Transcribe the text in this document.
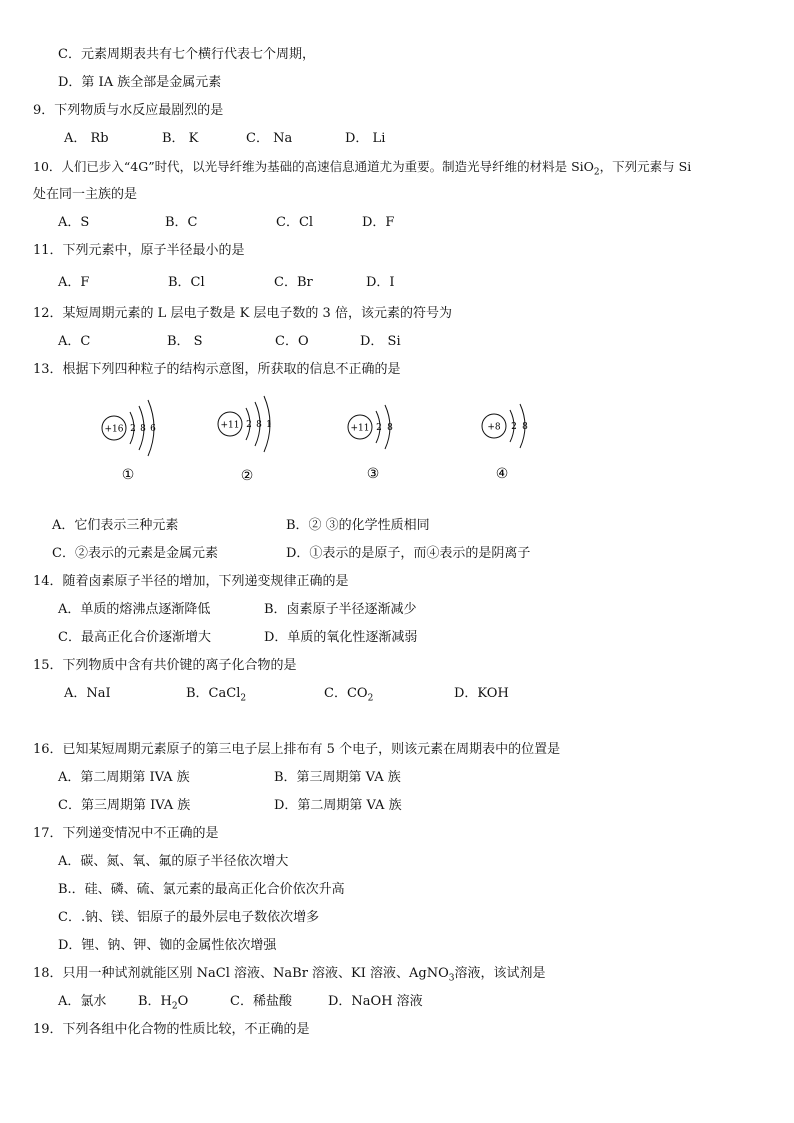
C．元素周期表共有七个横行代表七个周期，
D．第 IA 族全部是金属元素
9．下列物质与水反应最剧烈的是
A． Rb	B． K	C． Na	D． Li
10．人们已步入“4G”时代，以光导纤维为基础的高速信息通道尤为重要。制造光导纤维的材料是 SiO$_2$，下列元素与 Si
处在同一主族的是
A．S	B．C	C．Cl	D．F
11．下列元素中，原子半径最小的是
A．F	B．Cl	C．Br	D．I
12．某短周期元素的 L 层电子数是 K 层电子数的 3 倍，该元素的符号为
A．C	B． S	C．O	D． Si
13．根据下列四种粒子的结构示意图，所获取的信息不正确的是
+16 2 8 6
①
+11 2 8 1
②
+11 2 8
③
+8 2 8
④
A．它们表示三种元素	B．② ③的化学性质相同
C．②表示的元素是金属元素	D．①表示的是原子，而④表示的是阴离子
14．随着卤素原子半径的增加，下列递变规律正确的是
A．单质的熔沸点逐渐降低	B．卤素原子半径逐渐减少
C．最高正化合价逐渐增大	D．单质的氧化性逐渐减弱
15．下列物质中含有共价键的离子化合物的是
A．NaI	B．CaCl$_2$	C．$CO_2$	D．KOH
16．已知某短周期元素原子的第三电子层上排布有 5 个电子，则该元素在周期表中的位置是
A．第二周期第 IVA 族	B．第三周期第 VA 族
C．第三周期第 IVA 族	D．第二周期第 VA 族
17．下列递变情况中不正确的是
A．碳、氮、氧、氟的原子半径依次增大
B.．硅、磷、硫、氯元素的最高正化合价依次升高
C．.钠、镁、铝原子的最外层电子数依次增多
D．锂、钠、钾、铷的金属性依次增强
18．只用一种试剂就能区别 NaCl 溶液、NaBr 溶液、KI 溶液、AgNO$_3$溶液，该试剂是
A．氯水 B．$H_2O$	C．稀盐酸	D．NaOH 溶液
19．下列各组中化合物的性质比较，不正确的是
